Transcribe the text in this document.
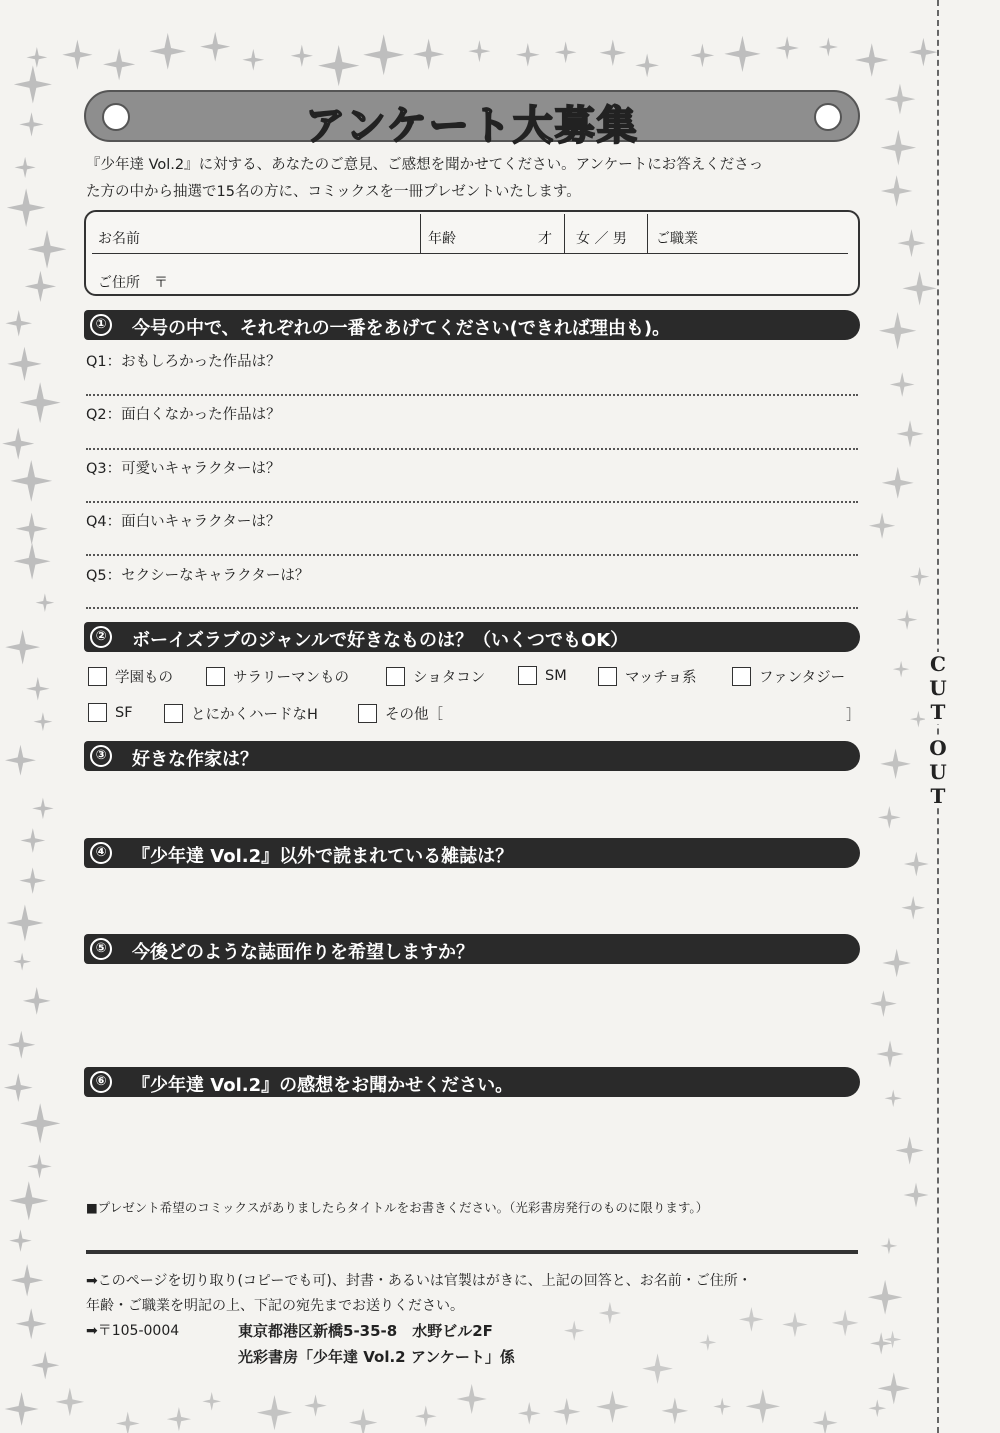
アンケート大募集
『少年達 Vol.2』に対する、あなたのご意見、ご感想を聞かせてください。アンケートにお答えくださっ
た方の中から抽選で15名の方に、コミックスを一冊プレゼントいたします。
お名前	年齢	才 女 ／ 男 ご職業
ご住所　〒
①	今号の中で、それぞれの一番をあげてください(できれば理由も)。
Q1：おもしろかった作品は？
Q2：面白くなかった作品は？
Q3：可愛いキャラクターは？
Q4：面白いキャラクターは？
Q5：セクシーなキャラクターは？
②	ボーイズラブのジャンルで好きなものは？（いくつでもOK）
学園もの	サラリーマンもの	ショタコン	SM	マッチョ系	ファンタジー
SF	とにかくハードなH	その他［	］
③	好きな作家は？
④	『少年達 Vol.2』以外で読まれている雑誌は？
⑤	今後どのような誌面作りを希望しますか？
⑥	『少年達 Vol.2』の感想をお聞かせください。
■プレゼント希望のコミックスがありましたらタイトルをお書きください。（光彩書房発行のものに限ります。）
➡このページを切り取り(コピーでも可)、封書・あるいは官製はがきに、上記の回答と、お名前・ご住所・
年齢・ご職業を明記の上、下記の宛先までお送りください。
➡〒105-0004	東京都港区新橋5-35-8　水野ビル2F
光彩書房「少年達 Vol.2 アンケート」係
C
U
T
O
U
T
